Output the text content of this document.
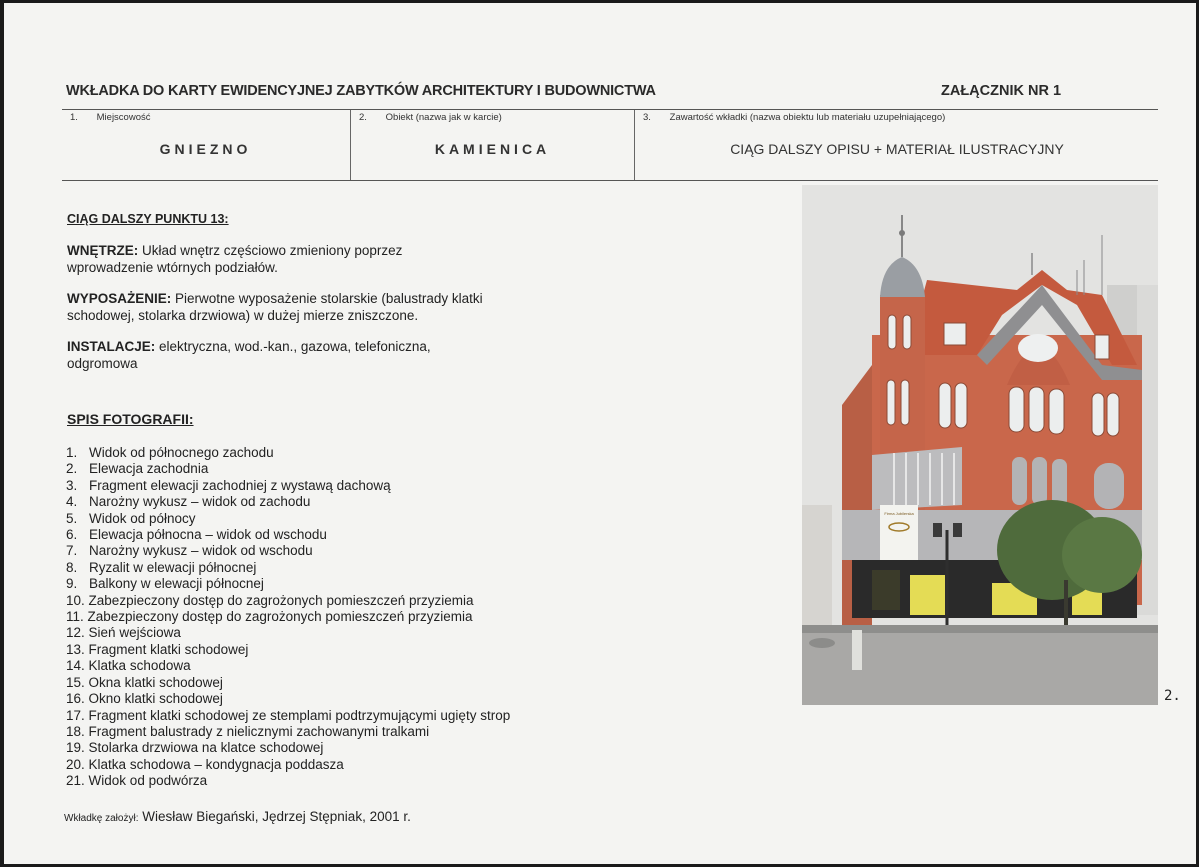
WKŁADKA DO KARTY EWIDENCYJNEJ ZABYTKÓW ARCHITEKTURY I BUDOWNICTWA	ZAŁĄCZNIK NR 1
1. Miejscowość
GNIEZNO
2. Obiekt (nazwa jak w karcie)
KAMIENICA
3. Zawartość wkładki (nazwa obiektu lub materiału uzupełniającego)
CIĄG DALSZY OPISU + MATERIAŁ ILUSTRACYJNY
CIĄG DALSZY PUNKTU 13:

WNĘTRZE: Układ wnętrz częściowo zmieniony poprzez wprowadzenie wtórnych podziałów.

WYPOSAŻENIE: Pierwotne wyposażenie stolarskie (balustrady klatki schodowej, stolarka drzwiowa) w dużej mierze zniszczone.

INSTALACJE: elektryczna, wod.-kan., gazowa, telefoniczna, odgromowa

SPIS FOTOGRAFII:
1. Widok od północnego zachodu
2. Elewacja zachodnia
3. Fragment elewacji zachodniej z wystawą dachową
4. Narożny wykusz – widok od zachodu
5. Widok od północy
6. Elewacja północna – widok od wschodu
7. Narożny wykusz – widok od wschodu
8. Ryzalit w elewacji północnej
9. Balkony w elewacji północnej
10. Zabezpieczony dostęp do zagrożonych pomieszczeń przyziemia
11. Zabezpieczony dostęp do zagrożonych pomieszczeń przyziemia
12. Sień wejściowa
13. Fragment klatki schodowej
14. Klatka schodowa
15. Okna klatki schodowej
16. Okno klatki schodowej
17. Fragment klatki schodowej ze stemplami podtrzymującymi ugięty strop
18. Fragment balustrady z nielicznymi zachowanymi tralkami
19. Stolarka drzwiowa na klatce schodowej
20. Klatka schodowa – kondygnacja poddasza
21. Widok od podwórza
Wkładkę założył: Wiesław Biegański, Jędrzej Stępniak, 2001 r.
Firma Jubilerska
2.
